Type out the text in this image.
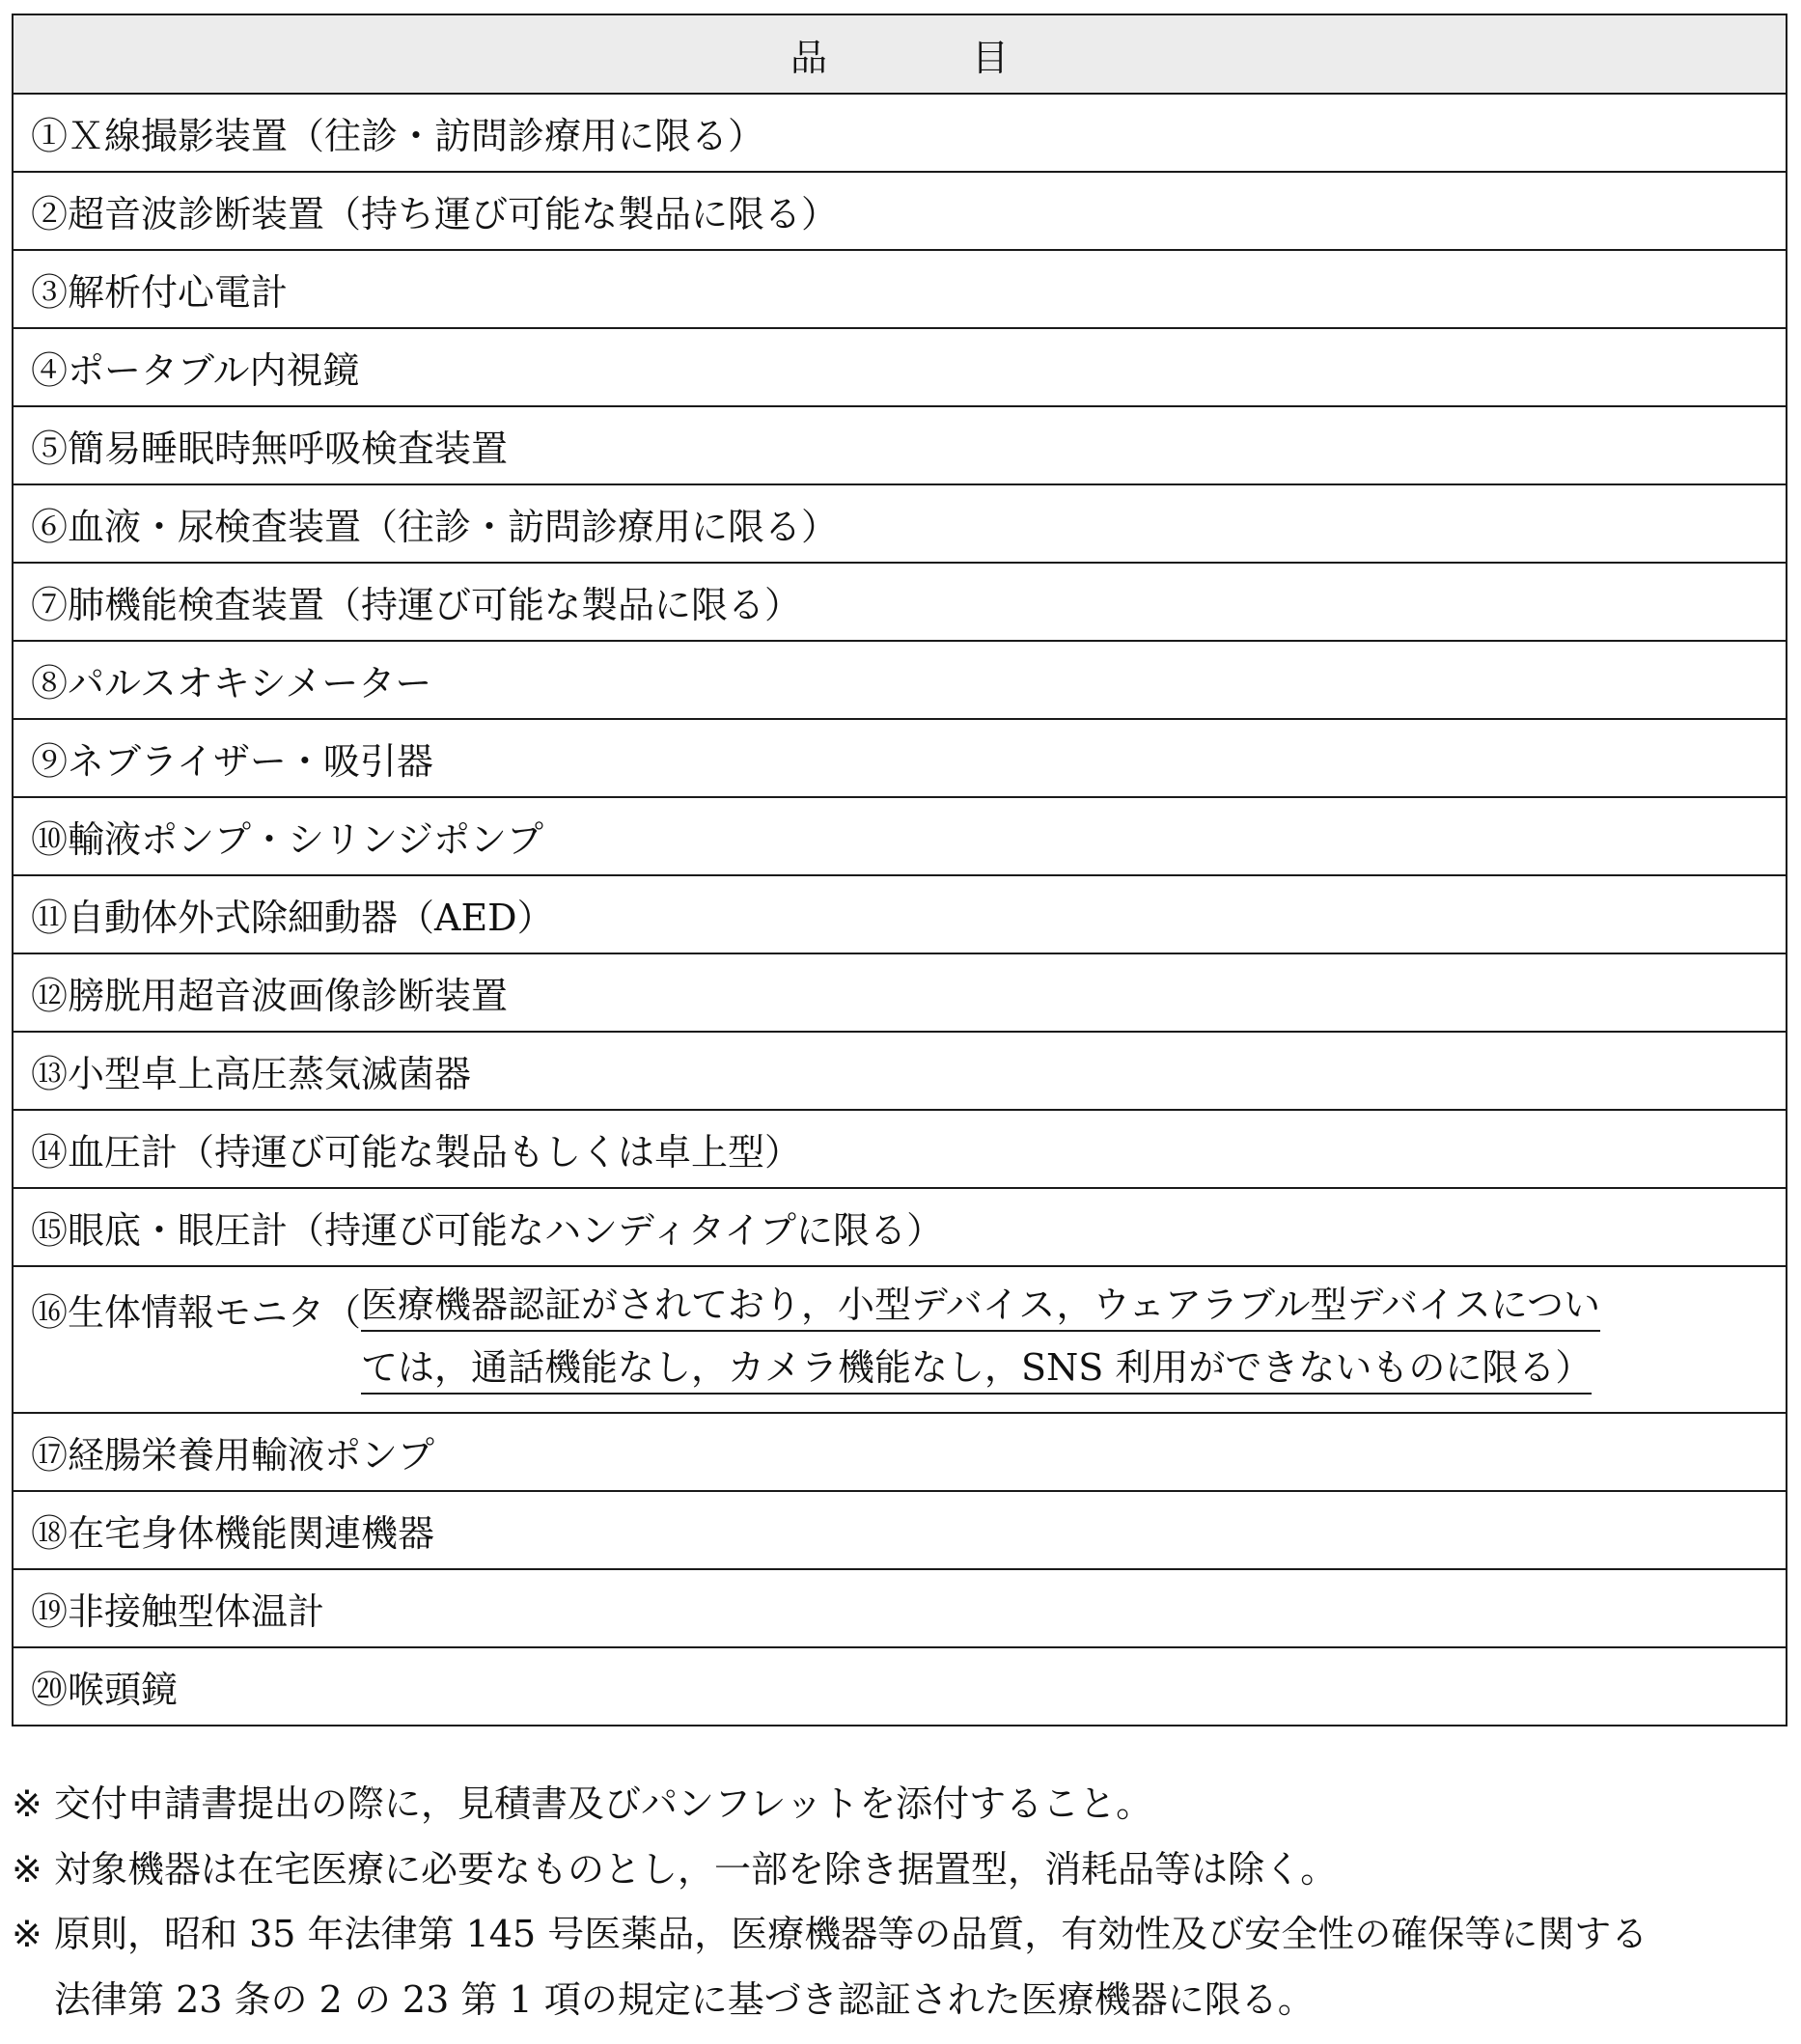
品	目
①Ｘ線撮影装置（往診・訪問診療用に限る）
②超音波診断装置（持ち運び可能な製品に限る）
③解析付心電計
④ポータブル内視鏡
⑤簡易睡眠時無呼吸検査装置
⑥血液・尿検査装置（往診・訪問診療用に限る）
⑦肺機能検査装置（持運び可能な製品に限る）
⑧パルスオキシメーター
⑨ネブライザー・吸引器
⑩輸液ポンプ・シリンジポンプ
⑪自動体外式除細動器（AED）
⑫膀胱用超音波画像診断装置
⑬小型卓上高圧蒸気滅菌器
⑭血圧計（持運び可能な製品もしくは卓上型）
⑮眼底・眼圧計（持運び可能なハンディタイプに限る）

⑯生体情報モニタ（ 医療機器認証がされており，小型デバイス，ウェアラブル型デバイスについ
ては，通話機能なし，カメラ機能なし，SNS 利用ができないものに限る）

⑰経腸栄養用輸液ポンプ
⑱在宅身体機能関連機器
⑲非接触型体温計
⑳喉頭鏡
※ 交付申請書提出の際に，見積書及びパンフレットを添付すること。
※ 対象機器は在宅医療に必要なものとし，一部を除き据置型，消耗品等は除く。
※ 原則，昭和 35 年法律第 145 号医薬品，医療機器等の品質，有効性及び安全性の確保等に関する
法律第 23 条の 2 の 23 第 1 項の規定に基づき認証された医療機器に限る。
